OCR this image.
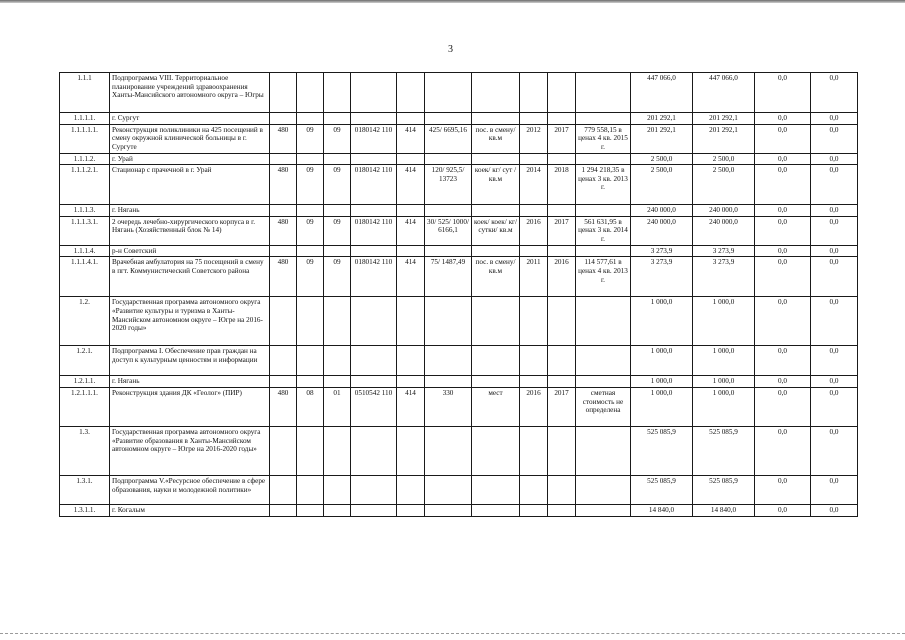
3
1.1.1	Подпрограмма VIII. Территориальное планирование учреждений здравоохранения Ханты-Мансийского автономного округа – Югры											447 066,0	447 066,0	0,0	0,0
1.1.1.1.	г. Сургут											201 292,1	201 292,1	0,0	0,0
1.1.1.1.1.	Реконструкция поликлиники на 425 посещений в смену окружной клинической больницы в г. Сургуте	480	09	09	0180142 110	414	425/ 6695,16	пос. в смену/ кв.м	2012	2017	779 558,15 в ценах 4 кв. 2015 г.	201 292,1	201 292,1	0,0	0,0
1.1.1.2.	г. Урай											2 500,0	2 500,0	0,0	0,0
1.1.1.2.1.	Стационар с прачечной в г. Урай	480	09	09	0180142 110	414	120/ 925,5/ 13723	коек/ кг/ сут / кв.м	2014	2018	1 294 218,35 в ценах 3 кв. 2013 г.	2 500,0	2 500,0	0,0	0,0
1.1.1.3.	г. Нягань											240 000,0	240 000,0	0,0	0,0
1.1.1.3.1.	2 очередь лечебно-хирургического корпуса в г. Нягань (Хозяйственный блок № 14)	480	09	09	0180142 110	414	30/ 525/ 1000/ 6166,1	коек/ коек/ кг/ сутки/ кв.м	2016	2017	561 631,95 в ценах 3 кв. 2014 г.	240 000,0	240 000,0	0,0	0,0
1.1.1.4.	р-н Советский											3 273,9	3 273,9	0,0	0,0
1.1.1.4.1.	Врачебная амбулатория на 75 посещений в смену в пгт. Коммунистический Советского района	480	09	09	0180142 110	414	75/ 1487,49	пос. в смену/ кв.м	2011	2016	114 577,61 в ценах 4 кв. 2013 г.	3 273,9	3 273,9	0,0	0,0
1.2.	Государственная программа автономного округа «Развитие культуры и туризма в Ханты-Мансийском автономном округе – Югре на 2016-2020 годы»											1 000,0	1 000,0	0,0	0,0
1.2.1.	Подпрограмма I. Обеспечение прав граждан на доступ к культурным ценностям и информации											1 000,0	1 000,0	0,0	0,0
1.2.1.1.	г. Нягань											1 000,0	1 000,0	0,0	0,0
1.2.1.1.1.	Реконструкция здания ДК «Геолог» (ПИР)	480	08	01	0510542 110	414	330	мест	2016	2017	сметная стоимость не определена	1 000,0	1 000,0	0,0	0,0
1.3.	Государственная программа автономного округа «Развитие образования в Ханты-Мансийском автономном округе – Югре на 2016-2020 годы»											525 085,9	525 085,9	0,0	0,0
1.3.1.	Подпрограмма V.«Ресурсное обеспечение в сфере образования, науки и молодежной политики»											525 085,9	525 085,9	0,0	0,0
1.3.1.1.	г. Когалым											14 840,0	14 840,0	0,0	0,0
